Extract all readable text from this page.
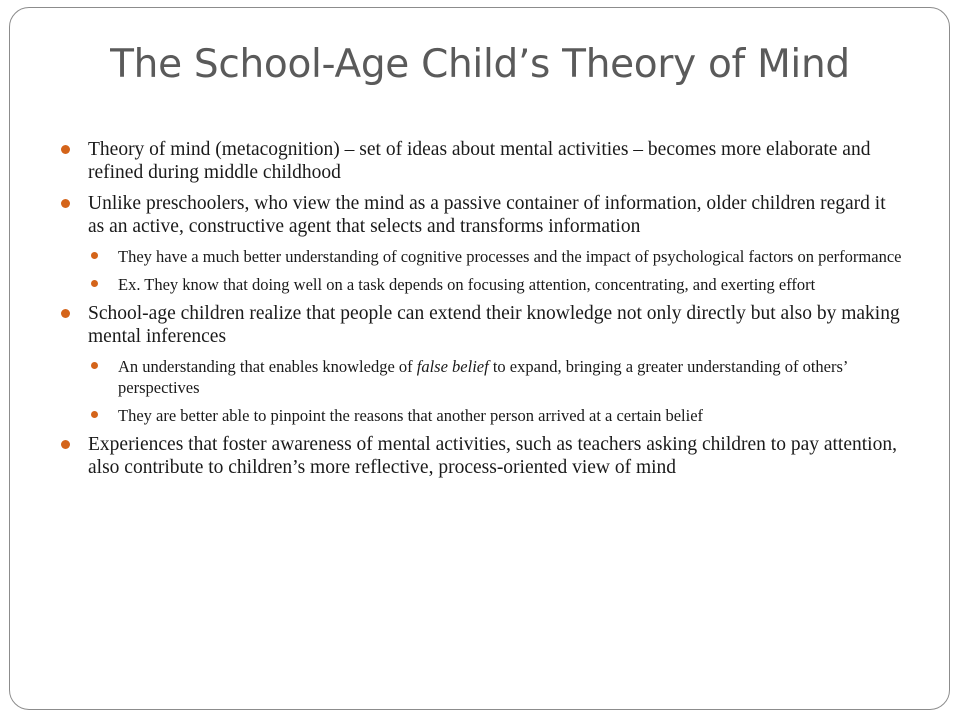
The School-Age Child’s Theory of Mind
Theory of mind (metacognition) – set of ideas about mental activities – becomes more elaborate and refined during middle childhood
Unlike preschoolers, who view the mind as a passive container of information, older children regard it as an active, constructive agent that selects and transforms information
They have a much better understanding of cognitive processes and the impact of psychological factors on performance
Ex. They know that doing well on a task depends on focusing attention, concentrating, and exerting effort
School-age children realize that people can extend their knowledge not only directly but also by making mental inferences
An understanding that enables knowledge of false belief to expand, bringing a greater understanding of others’ perspectives
They are better able to pinpoint the reasons that another person arrived at a certain belief
Experiences that foster awareness of mental activities, such as teachers asking children to pay attention, also contribute to children’s more reflective, process-oriented view of mind
